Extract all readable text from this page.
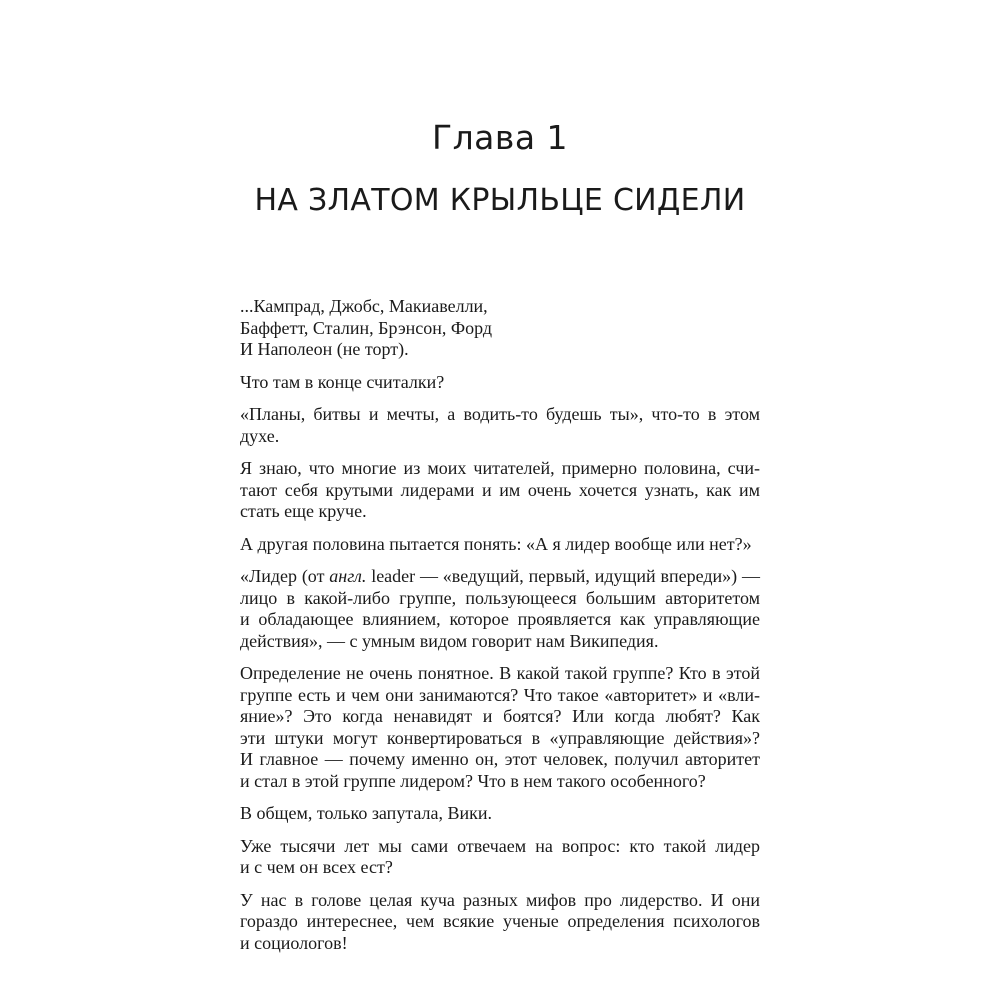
Глава 1
НА ЗЛАТОМ КРЫЛЬЦЕ СИДЕЛИ
...Кампрад, Джобс, Макиавелли,
Баффетт, Сталин, Брэнсон, Форд
И Наполеон (не торт).

Что там в конце считалки?

«Планы, битвы и мечты, а водить-то будешь ты», что-то в этом
духе.

Я знаю, что многие из моих читателей, примерно половина, счи-
тают себя крутыми лидерами и им очень хочется узнать, как им
стать еще круче.

А другая половина пытается понять: «А я лидер вообще или нет?»

«Лидер (от англ. leader — «ведущий, первый, идущий впереди») —
лицо в какой-либо группе, пользующееся большим авторитетом
и обладающее влиянием, которое проявляется как управляющие
действия», — с умным видом говорит нам Википедия.

Определение не очень понятное. В какой такой группе? Кто в этой
группе есть и чем они занимаются? Что такое «авторитет» и «вли-
яние»? Это когда ненавидят и боятся? Или когда любят? Как
эти штуки могут конвертироваться в «управляющие действия»?
И главное — почему именно он, этот человек, получил авторитет
и стал в этой группе лидером? Что в нем такого особенного?

В общем, только запутала, Вики.

Уже тысячи лет мы сами отвечаем на вопрос: кто такой лидер
и с чем он всех ест?

У нас в голове целая куча разных мифов про лидерство. И они
гораздо интереснее, чем всякие ученые определения психологов
и социологов!
